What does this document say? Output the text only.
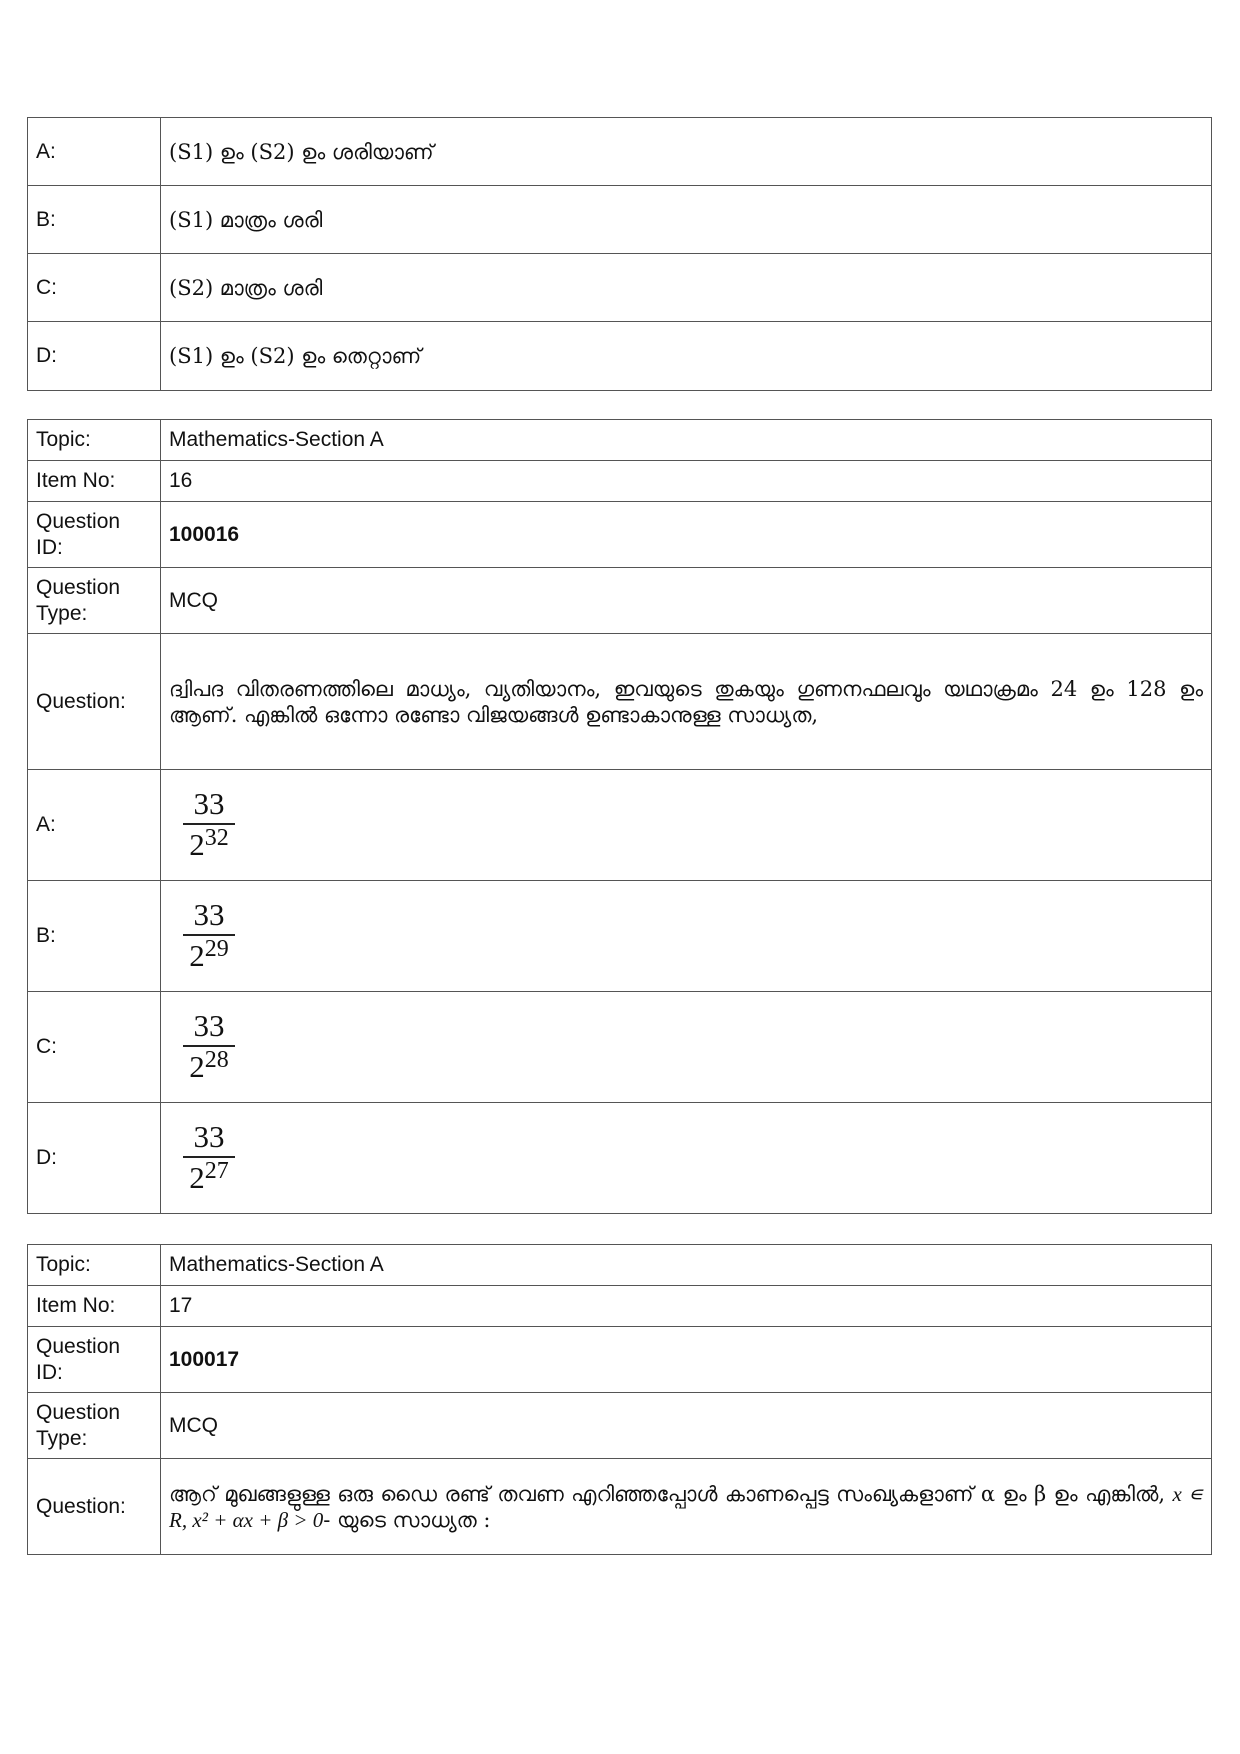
A:	(S1) ഉം (S2) ഉം ശരിയാണ്
B:	(S1) മാത്രം ശരി
C:	(S2) മാത്രം ശരി
D:	(S1) ഉം (S2) ഉം തെറ്റാണ്
Topic:	Mathematics-Section A
Item No:	16
Question ID:	100016
Question Type:	MCQ
Question:	ദ്വിപദ വിതരണത്തിലെ മാധ്യം, വ്യതിയാനം, ഇവയുടെ തുകയും ഗുണനഫലവും യഥാക്രമം 24 ഉം 128 ഉം ആണ്. എങ്കിൽ ഒന്നോ രണ്ടോ വിജയങ്ങൾ ഉണ്ടാകാനുള്ള സാധ്യത,
A:	$\frac{33}{2^{32}}$

B:	$\frac{33}{2^{29}}$

C:	$\frac{33}{2^{28}}$

D:	$\frac{33}{2^{27}}$
Topic:	Mathematics-Section A
Item No:	17
Question ID:	100017
Question Type:	MCQ
Question:	ആറ് മുഖങ്ങളുള്ള ഒരു ഡൈ രണ്ട് തവണ എറിഞ്ഞപ്പോൾ കാണപ്പെട്ട സംഖ്യകളാണ് α ഉം β ഉം എങ്കിൽ, x ∊ R, x² + αx + β > 0- യുടെ സാധ്യത :
